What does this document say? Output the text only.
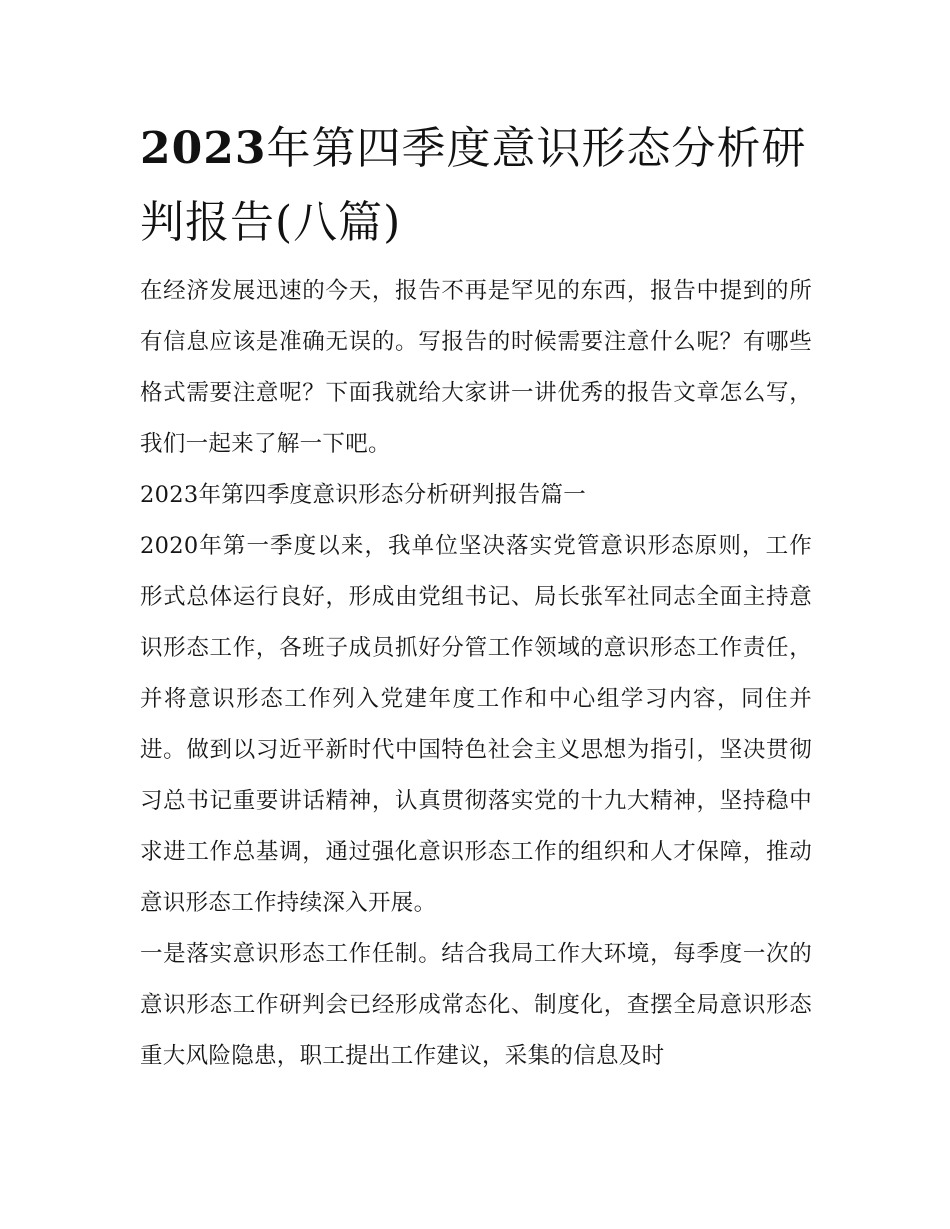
2023年第四季度意识形态分析研判报告(八篇)

在经济发展迅速的今天，报告不再是罕见的东西，报告中提到的所有信息应该是准确无误的。写报告的时候需要注意什么呢？有哪些格式需要注意呢？下面我就给大家讲一讲优秀的报告文章怎么写，我们一起来了解一下吧。

2023年第四季度意识形态分析研判报告篇一

2020年第一季度以来，我单位坚决落实党管意识形态原则，工作形式总体运行良好，形成由党组书记、局长张军社同志全面主持意识形态工作，各班子成员抓好分管工作领域的意识形态工作责任，并将意识形态工作列入党建年度工作和中心组学习内容，同住并进。做到以习近平新时代中国特色社会主义思想为指引，坚决贯彻习总书记重要讲话精神，认真贯彻落实党的十九大精神，坚持稳中求进工作总基调，通过强化意识形态工作的组织和人才保障，推动意识形态工作持续深入开展。

一是落实意识形态工作任制。结合我局工作大环境，每季度一次的意识形态工作研判会已经形成常态化、制度化，查摆全局意识形态重大风险隐患，职工提出工作建议，采集的信息及时
